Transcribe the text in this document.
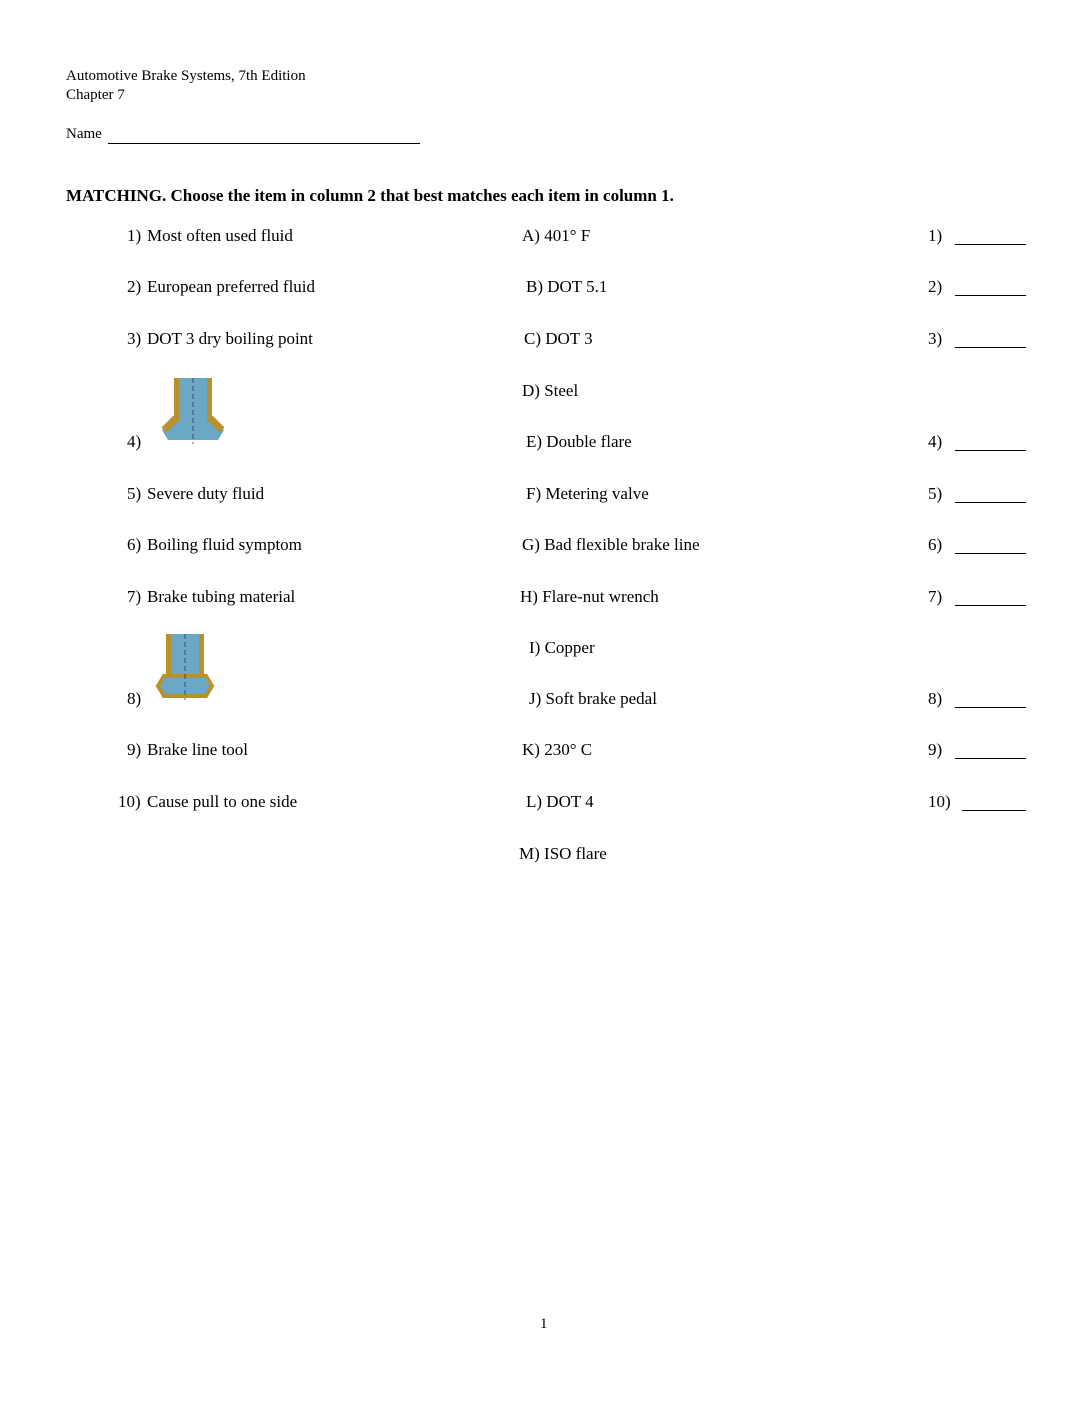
Automotive Brake Systems, 7th Edition
Chapter 7
Name
MATCHING. Choose the item in column 2 that best matches each item in column 1.
1
1) Most often used fluid
2) European preferred fluid
3) DOT 3 dry boiling point
4)
5) Severe duty fluid
6) Boiling fluid symptom
7) Brake tubing material
8)
9) Brake line tool
10) Cause pull to one side
A) 401° F
B) DOT 5.1
C) DOT 3
D) Steel
E) Double flare
F) Metering valve
G) Bad flexible brake line
H) Flare-nut wrench
I) Copper
J) Soft brake pedal
K) 230° C
L) DOT 4
M) ISO flare
1)
2)
3)
4)
5)
6)
7)
8)
9)
10)
